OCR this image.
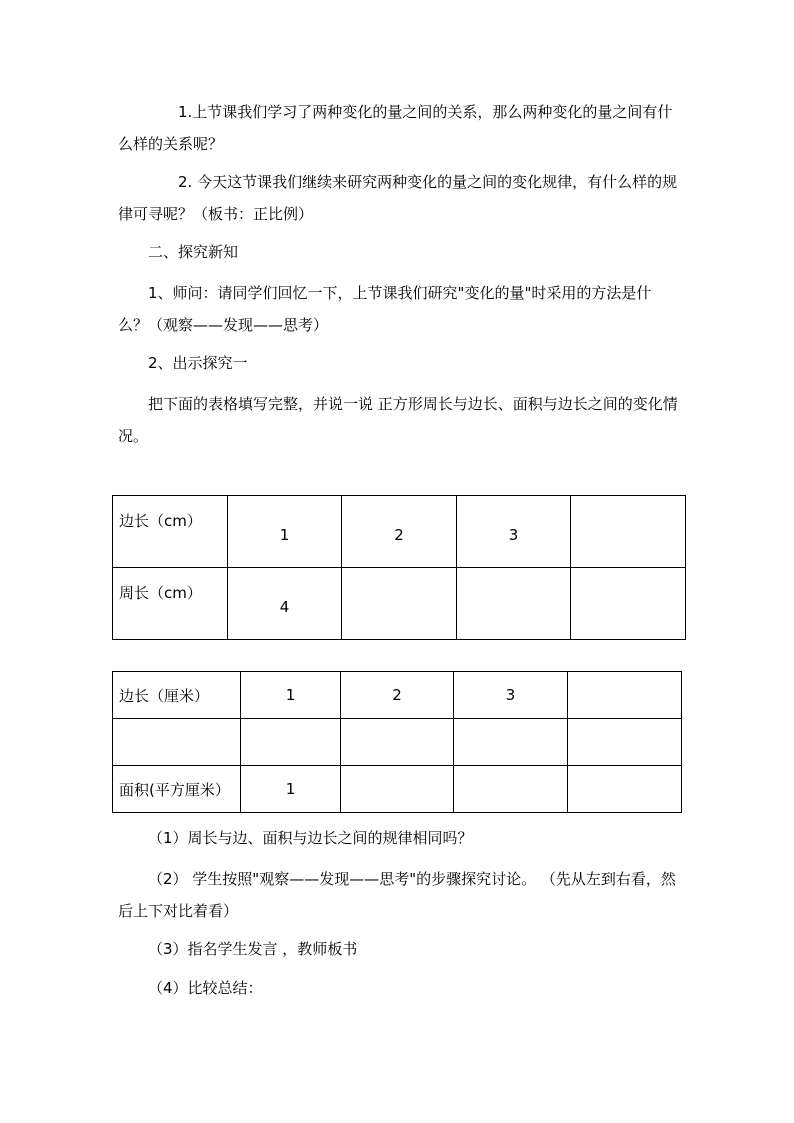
1.上节课我们学习了两种变化的量之间的关系，那么两种变化的量之间有什么样的关系呢？

2. 今天这节课我们继续来研究两种变化的量之间的变化规律，有什么样的规律可寻呢？（板书：正比例）

二、探究新知

1、师问：请同学们回忆一下，上节课我们研究"变化的量"时采用的方法是什么？（观察——发现——思考）

2、出示探究一

把下面的表格填写完整，并说一说 正方形周长与边长、面积与边长之间的变化情况。

边长（cm）	1	2	3	
周长（cm）	4			
边长（厘米）	1	2	3	

面积(平方厘米）	1			

（1）周长与边、面积与边长之间的规律相同吗？

（2） 学生按照"观察——发现——思考"的步骤探究讨论。 （先从左到右看，然后上下对比着看）

（3）指名学生发言 ，教师板书

（4）比较总结：
